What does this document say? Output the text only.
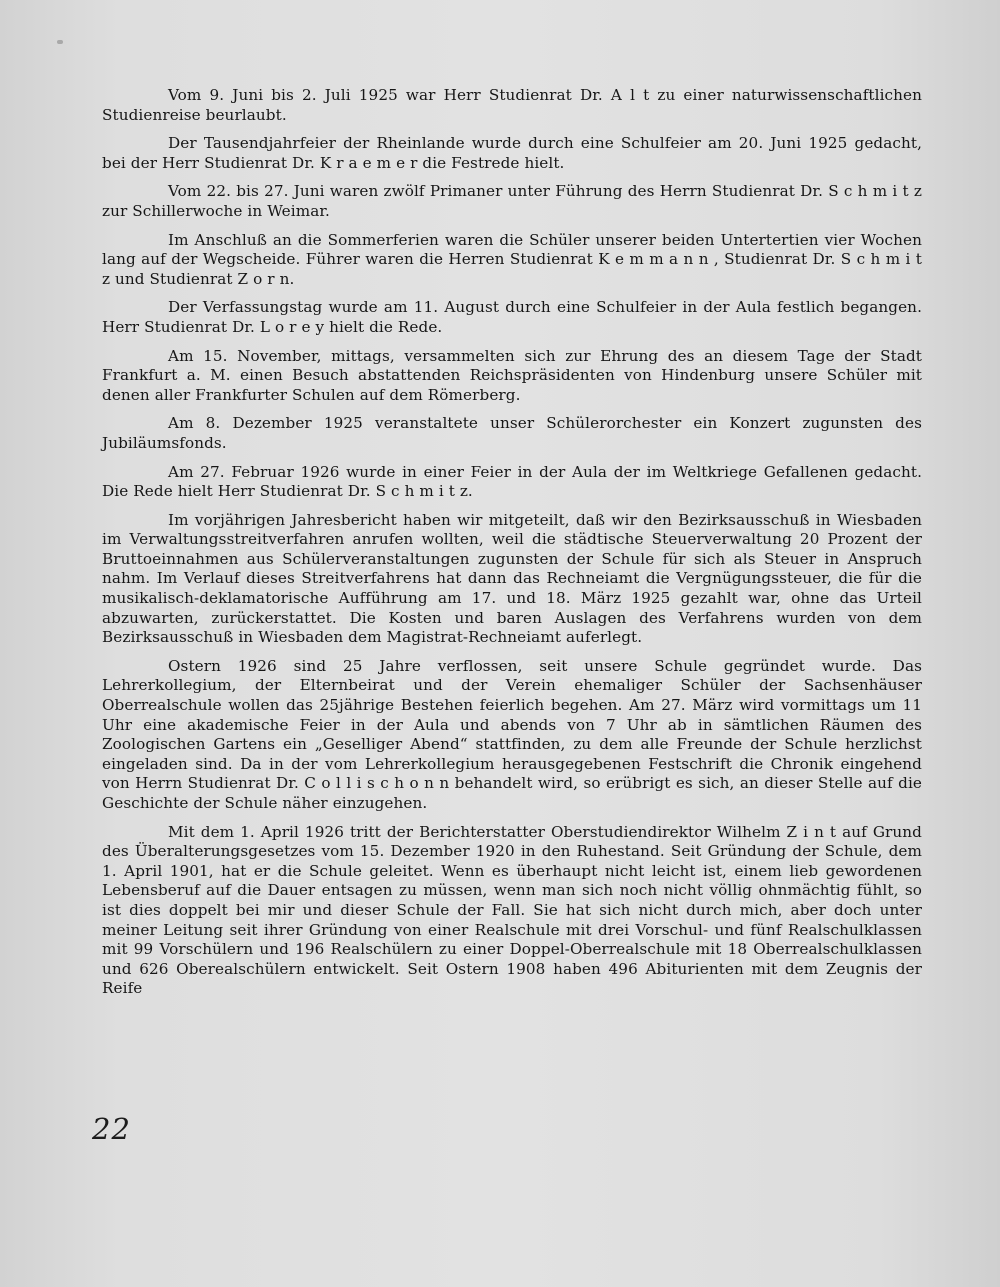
Vom 9. Juni bis 2. Juli 1925 war Herr Studienrat Dr. A l t zu einer naturwissenschaftlichen Studienreise beurlaubt.

Der Tausendjahrfeier der Rheinlande wurde durch eine Schulfeier am 20. Juni 1925 gedacht, bei der Herr Studienrat Dr. K r a e m e r die Festrede hielt.

Vom 22. bis 27. Juni waren zwölf Primaner unter Führung des Herrn Studienrat Dr. S c h m i t z zur Schillerwoche in Weimar.

Im Anschluß an die Sommerferien waren die Schüler unserer beiden Untertertien vier Wochen lang auf der Wegscheide. Führer waren die Herren Studienrat K e m m a n n , Studienrat Dr. S c h m i t z und Studienrat Z o r n.

Der Verfassungstag wurde am 11. August durch eine Schulfeier in der Aula festlich begangen. Herr Studienrat Dr. L o r e y hielt die Rede.

Am 15. November, mittags, versammelten sich zur Ehrung des an diesem Tage der Stadt Frankfurt a. M. einen Besuch abstattenden Reichspräsidenten von Hindenburg unsere Schüler mit denen aller Frankfurter Schulen auf dem Römerberg.

Am 8. Dezember 1925 veranstaltete unser Schülerorchester ein Konzert zugunsten des Jubiläumsfonds.

Am 27. Februar 1926 wurde in einer Feier in der Aula der im Weltkriege Gefallenen gedacht. Die Rede hielt Herr Studienrat Dr. S c h m i t z.

Im vorjährigen Jahresbericht haben wir mitgeteilt, daß wir den Bezirksausschuß in Wiesbaden im Verwaltungsstreitverfahren anrufen wollten, weil die städtische Steuerverwaltung 20 Prozent der Bruttoeinnahmen aus Schülerveranstaltungen zugunsten der Schule für sich als Steuer in Anspruch nahm. Im Verlauf dieses Streitverfahrens hat dann das Rechneiamt die Vergnügungssteuer, die für die musikalisch-deklamatorische Aufführung am 17. und 18. März 1925 gezahlt war, ohne das Urteil abzuwarten, zurückerstattet. Die Kosten und baren Auslagen des Verfahrens wurden von dem Bezirksausschuß in Wiesbaden dem Magistrat-Rechneiamt auferlegt.

Ostern 1926 sind 25 Jahre verflossen, seit unsere Schule gegründet wurde. Das Lehrerkollegium, der Elternbeirat und der Verein ehemaliger Schüler der Sachsenhäuser Oberrealschule wollen das 25jährige Bestehen feierlich begehen. Am 27. März wird vormittags um 11 Uhr eine akademische Feier in der Aula und abends von 7 Uhr ab in sämtlichen Räumen des Zoologischen Gartens ein „Geselliger Abend“ stattfinden, zu dem alle Freunde der Schule herzlichst eingeladen sind. Da in der vom Lehrerkollegium herausgegebenen Festschrift die Chronik eingehend von Herrn Studienrat Dr. C o l l i s c h o n n behandelt wird, so erübrigt es sich, an dieser Stelle auf die Geschichte der Schule näher einzugehen.

Mit dem 1. April 1926 tritt der Berichterstatter Oberstudiendirektor Wilhelm Z i n t auf Grund des Überalterungsgesetzes vom 15. Dezember 1920 in den Ruhestand. Seit Gründung der Schule, dem 1. April 1901, hat er die Schule geleitet. Wenn es überhaupt nicht leicht ist, einem lieb gewordenen Lebensberuf auf die Dauer entsagen zu müssen, wenn man sich noch nicht völlig ohnmächtig fühlt, so ist dies doppelt bei mir und dieser Schule der Fall. Sie hat sich nicht durch mich, aber doch unter meiner Leitung seit ihrer Gründung von einer Realschule mit drei Vorschul- und fünf Realschulklassen mit 99 Vorschülern und 196 Realschülern zu einer Doppel-Oberrealschule mit 18 Oberrealschulklassen und 626 Oberealschülern entwickelt. Seit Ostern 1908 haben 496 Abiturienten mit dem Zeugnis der Reife

22
